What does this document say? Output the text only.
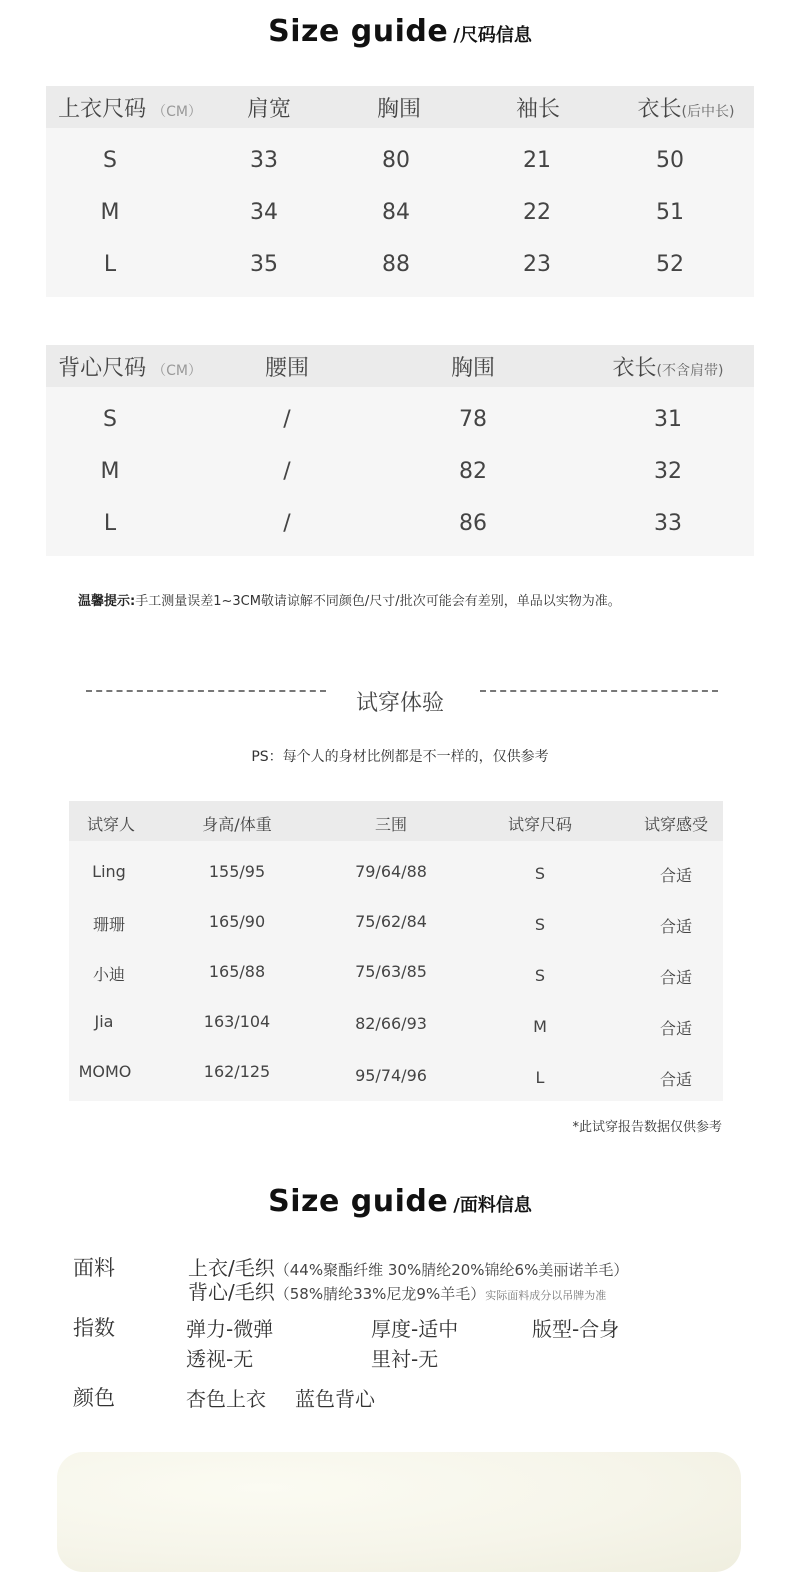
Size guide /尺码信息
上衣尺码 （CM） 肩宽	胸围	袖长	衣长(后中长)
S	33	80	21	50
M	34	84	22	51
L	35	88	23	52
背心尺码 （CM）	腰围	胸围	衣长(不含肩带)
S	/	78	31
M	/	82	32
L	/	86	33
温馨提示:手工测量误差1~3CM敬请谅解不同颜色/尺寸/批次可能会有差别，单品以实物为准。
试穿体验
PS：每个人的身材比例都是不一样的，仅供参考
试穿人	身高/体重	三围	试穿尺码	试穿感受
Ling	155/95	79/64/88	S	合适
珊珊	165/90	75/62/84	S	合适
小迪	165/88	75/63/85	S	合适
Jia	163/104	82/66/93	M	合适
MOMO	162/125	95/74/96	L	合适
*此试穿报告数据仅供参考
Size guide /面料信息
面料	上衣/毛织（44%聚酯纤维 30%腈纶20%锦纶6%美丽诺羊毛）
背心/毛织（58%腈纶33%尼龙9%羊毛）实际面料成分以吊牌为准
指数	弹力-微弹	厚度-适中	版型-合身
透视-无	里衬-无
颜色	杏色上衣 蓝色背心
